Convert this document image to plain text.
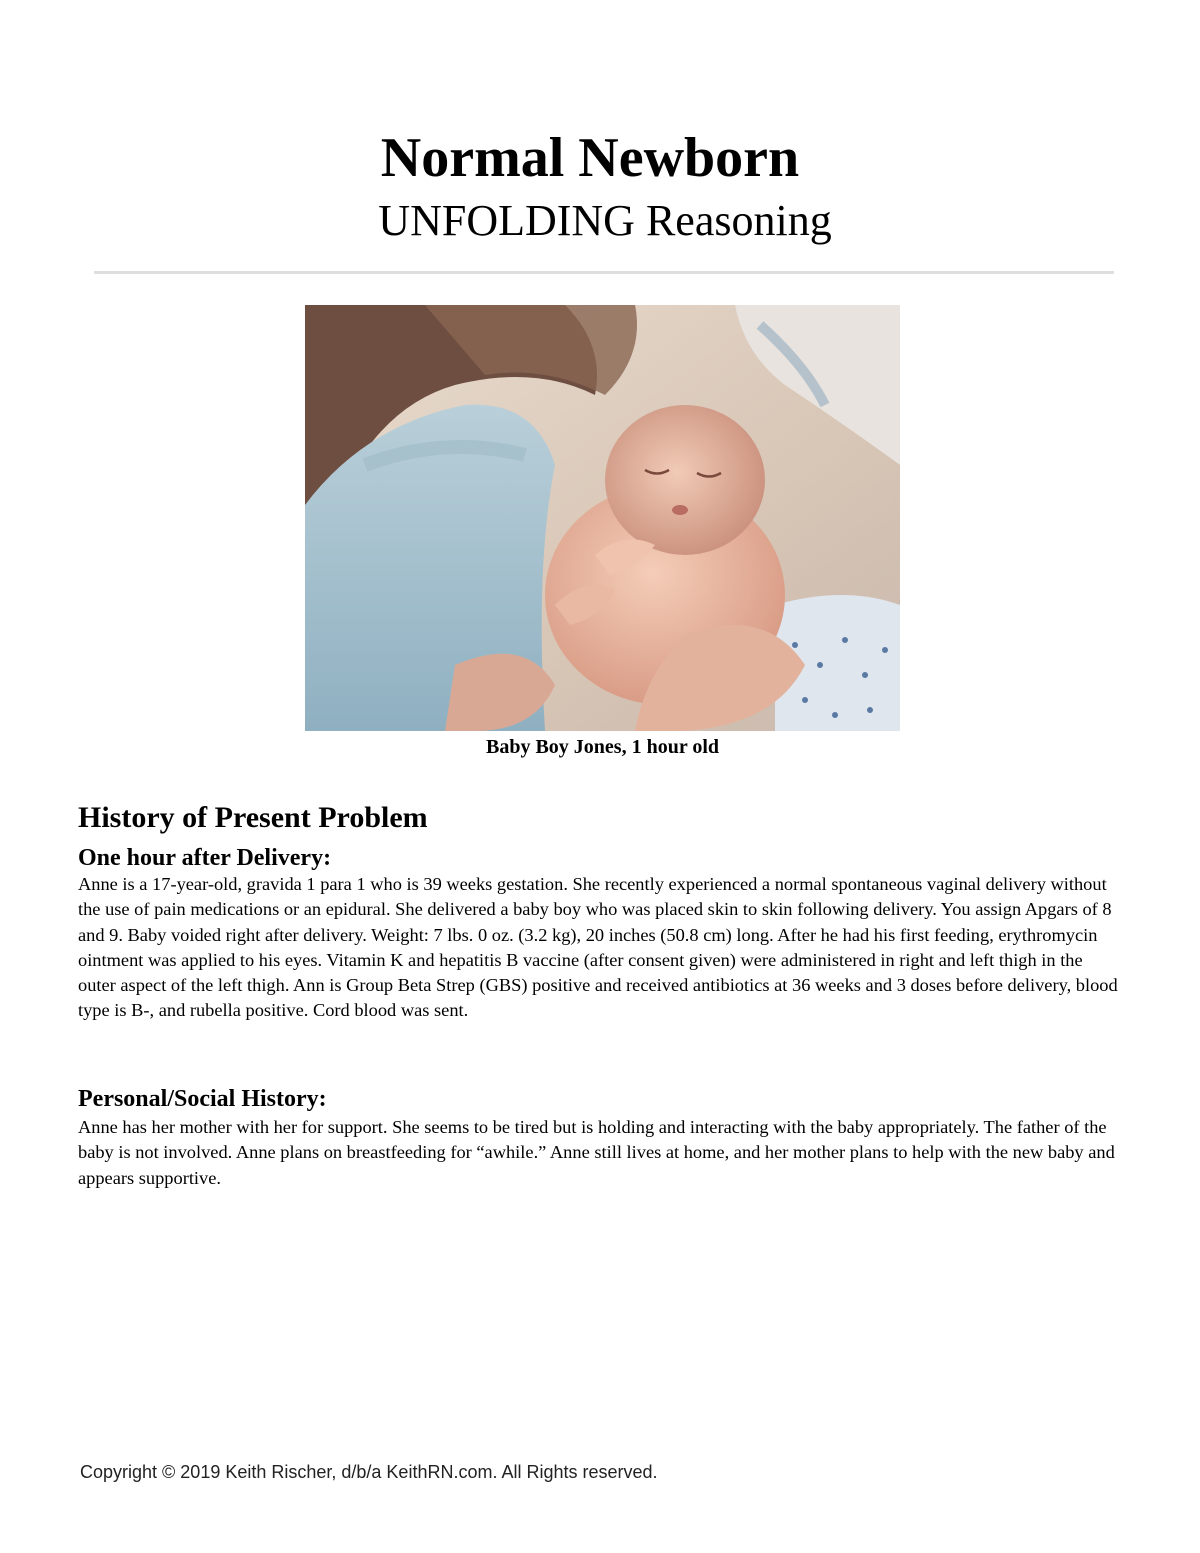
Normal Newborn
UNFOLDING Reasoning
Baby Boy Jones, 1 hour old
History of Present Problem
One hour after Delivery:

Anne is a 17-year-old, gravida 1 para 1 who is 39 weeks gestation. She recently experienced a normal spontaneous vaginal delivery without the use of pain medications or an epidural. She delivered a baby boy who was placed skin to skin following delivery. You assign Apgars of 8 and 9. Baby voided right after delivery. Weight: 7 lbs. 0 oz. (3.2 kg), 20 inches (50.8 cm) long. After he had his first feeding, erythromycin ointment was applied to his eyes. Vitamin K and hepatitis B vaccine (after consent given) were administered in right and left thigh in the outer aspect of the left thigh. Ann is Group Beta Strep (GBS) positive and received antibiotics at 36 weeks and 3 doses before delivery, blood type is B-, and rubella positive. Cord blood was sent.

Personal/Social History:

Anne has her mother with her for support. She seems to be tired but is holding and interacting with the baby appropriately. The father of the baby is not involved. Anne plans on breastfeeding for “awhile.” Anne still lives at home, and her mother plans to help with the new baby and appears supportive.

Copyright © 2019 Keith Rischer, d/b/a KeithRN.com. All Rights reserved.
